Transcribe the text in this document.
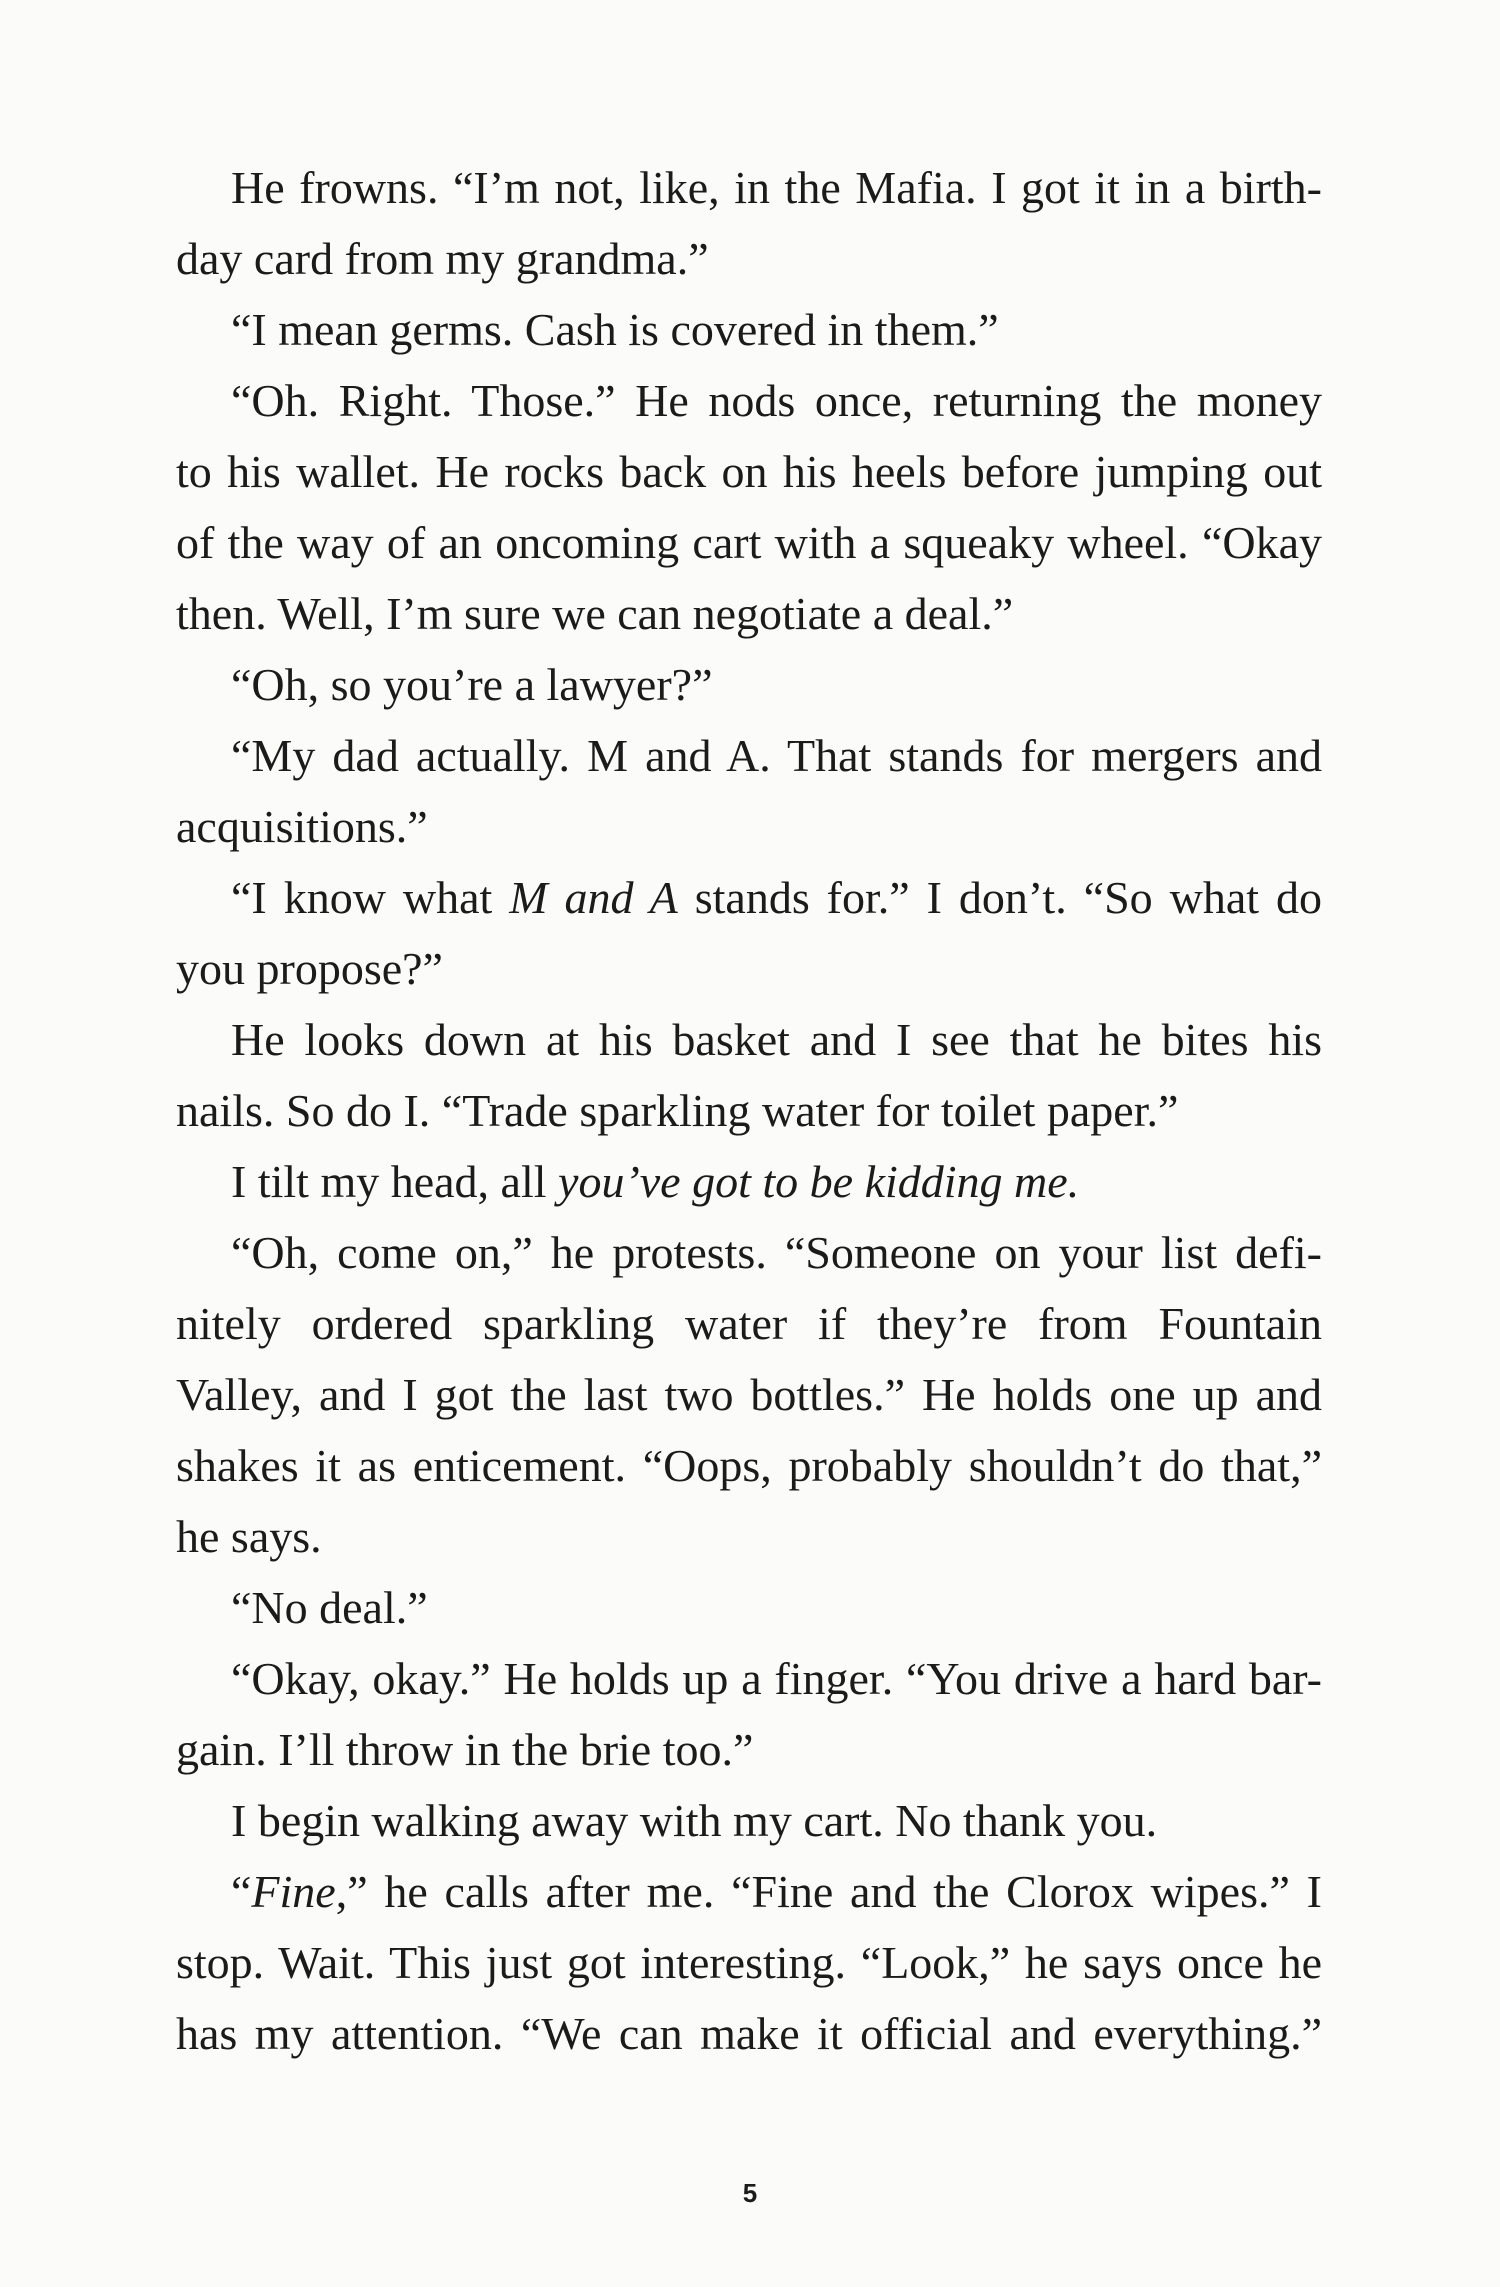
He frowns. “I’m not, like, in the Mafia. I got it in a birth-
day card from my grandma.”
“I mean germs. Cash is covered in them.”
“Oh. Right. Those.” He nods once, returning the money
to his wallet. He rocks back on his heels before jumping out
of the way of an oncoming cart with a squeaky wheel. “Okay
then. Well, I’m sure we can negotiate a deal.”
“Oh, so you’re a lawyer?”
“My dad actually. M and A. That stands for mergers and
acquisitions.”
“I know what M and A stands for.” I don’t. “So what do
you propose?”
He looks down at his basket and I see that he bites his
nails. So do I. “Trade sparkling water for toilet paper.”
I tilt my head, all you’ve got to be kidding me.
“Oh, come on,” he protests. “Someone on your list defi-
nitely ordered sparkling water if they’re from Fountain
Valley, and I got the last two bottles.” He holds one up and
shakes it as enticement. “Oops, probably shouldn’t do that,”
he says.
“No deal.”
“Okay, okay.” He holds up a finger. “You drive a hard bar-
gain. I’ll throw in the brie too.”
I begin walking away with my cart. No thank you.
“Fine,” he calls after me. “Fine and the Clorox wipes.” I
stop. Wait. This just got interesting. “Look,” he says once he
has my attention. “We can make it official and everything.”
5
